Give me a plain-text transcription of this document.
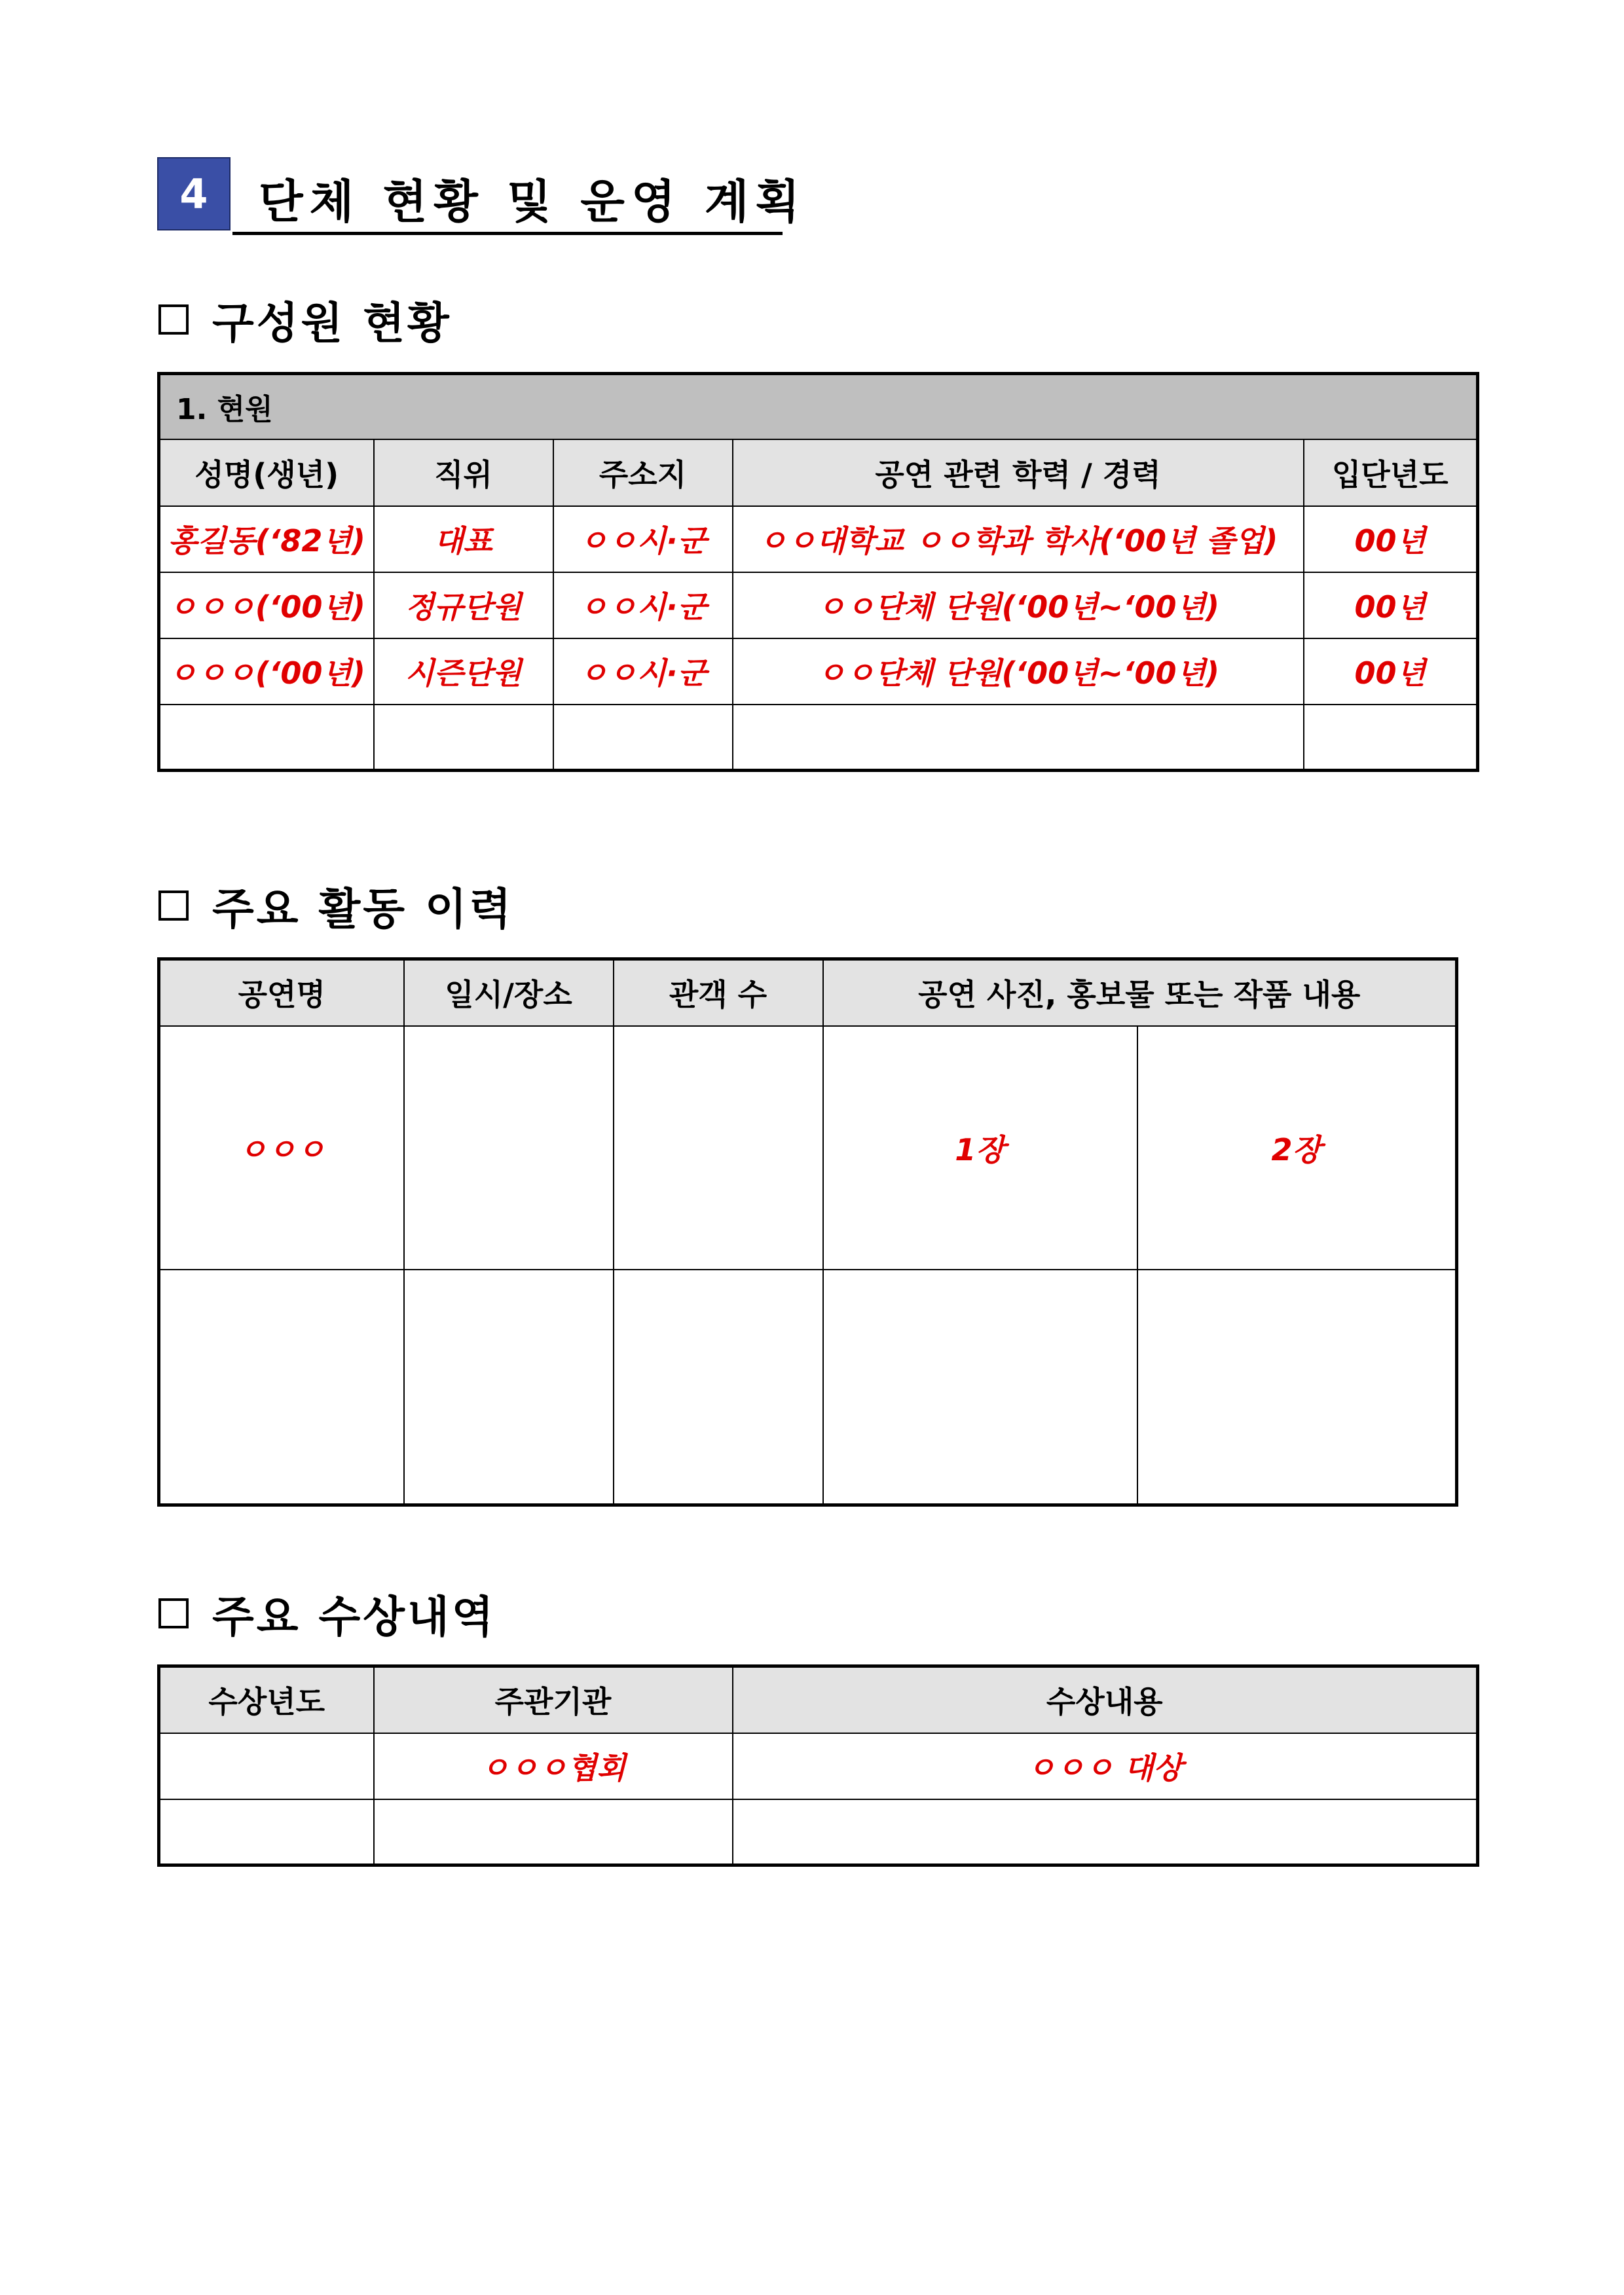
4	단체 현황 및 운영 계획
구성원 현황
1. 현원				
성명(생년)	직위	주소지	공연 관련 학력 / 경력	입단년도
홍길동(‘82년)	대표	ㅇㅇ시·군	ㅇㅇ대학교 ㅇㅇ학과 학사(‘00년 졸업)	00년
ㅇㅇㅇ(‘00년)	정규단원	ㅇㅇ시·군	ㅇㅇ단체 단원(‘00년~‘00년)	00년
ㅇㅇㅇ(‘00년)	시즌단원	ㅇㅇ시·군	ㅇㅇ단체 단원(‘00년~‘00년)	00년

주요 활동 이력
공연명	일시/장소	관객 수	공연 사진, 홍보물 또는 작품 내용	
ㅇㅇㅇ			1장	2장

주요 수상내역
수상년도	주관기관	수상내용
	ㅇㅇㅇ협회	ㅇㅇㅇ 대상
